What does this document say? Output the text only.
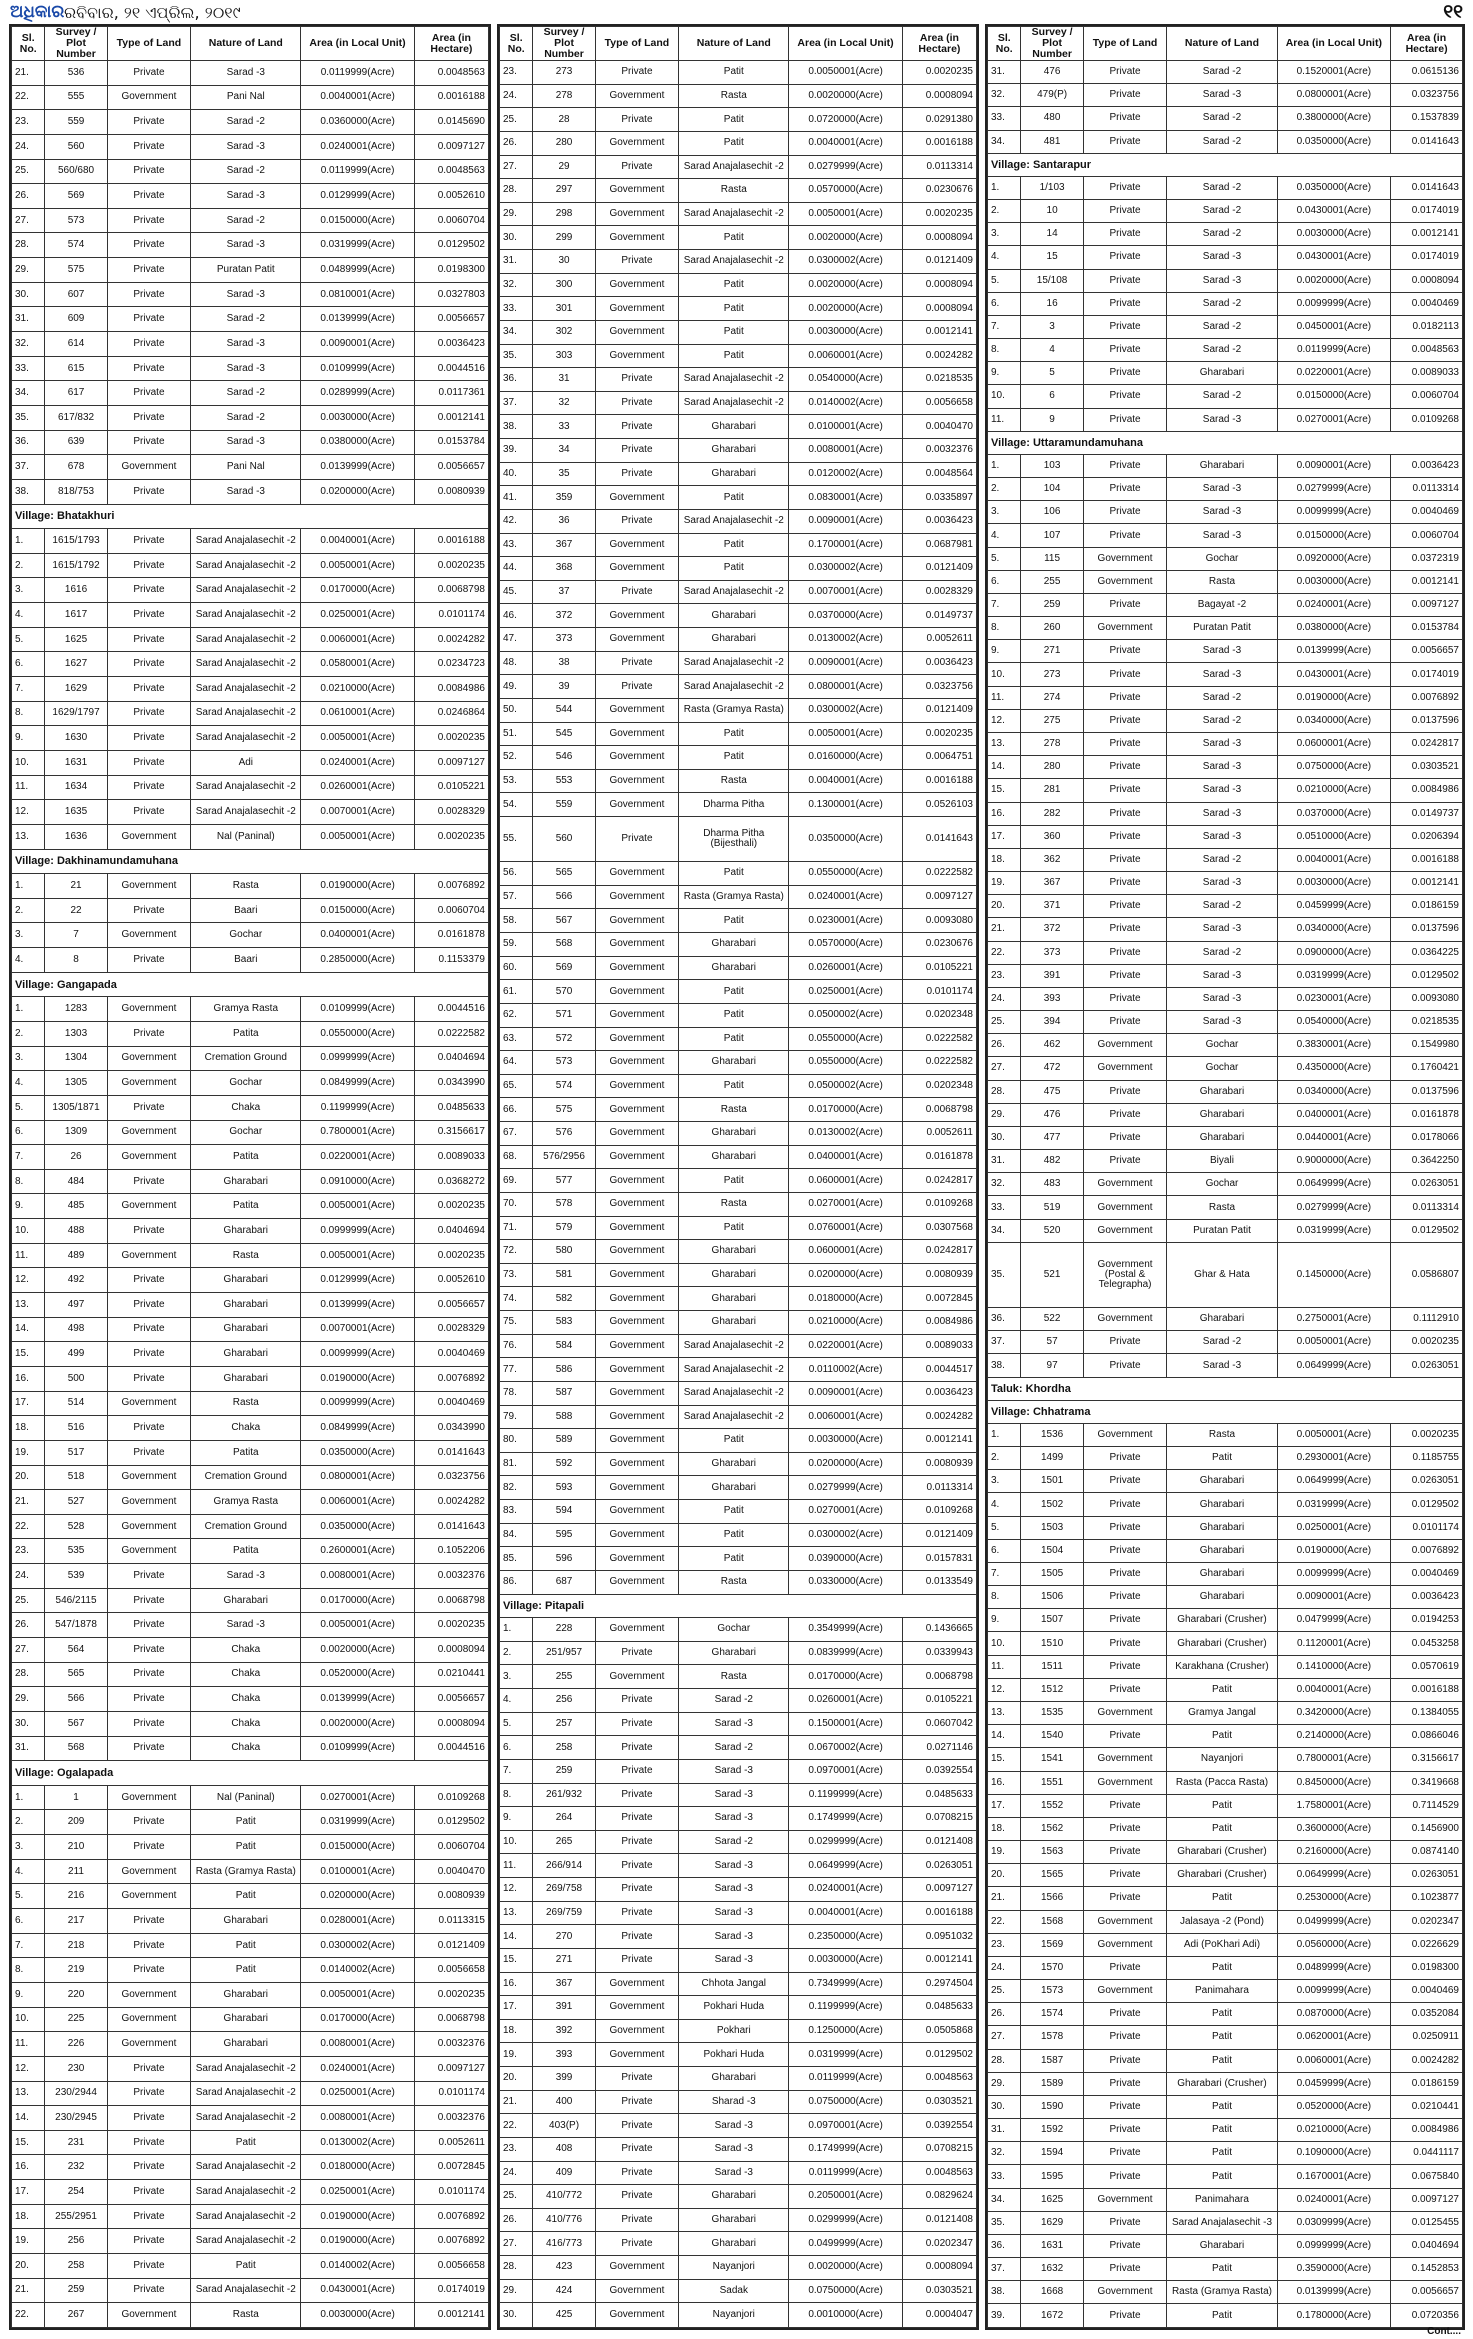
ଅଧିକାର ରବିବାର, ୨୧ ଏପ୍ରିଲ, ୨୦୧୯	୧୧
Sl. No.	Survey / Plot Number	Type of Land	Nature of Land	Area (in Local Unit)	Area (in Hectare)
21.	536	Private	Sarad -3	0.0119999(Acre)	0.0048563
22.	555	Government	Pani Nal	0.0040001(Acre)	0.0016188
23.	559	Private	Sarad -2	0.0360000(Acre)	0.0145690
24.	560	Private	Sarad -3	0.0240001(Acre)	0.0097127
25.	560/680	Private	Sarad -2	0.0119999(Acre)	0.0048563
26.	569	Private	Sarad -3	0.0129999(Acre)	0.0052610
27.	573	Private	Sarad -2	0.0150000(Acre)	0.0060704
28.	574	Private	Sarad -3	0.0319999(Acre)	0.0129502
29.	575	Private	Puratan Patit	0.0489999(Acre)	0.0198300
30.	607	Private	Sarad -3	0.0810001(Acre)	0.0327803
31.	609	Private	Sarad -2	0.0139999(Acre)	0.0056657
32.	614	Private	Sarad -3	0.0090001(Acre)	0.0036423
33.	615	Private	Sarad -3	0.0109999(Acre)	0.0044516
34.	617	Private	Sarad -2	0.0289999(Acre)	0.0117361
35.	617/832	Private	Sarad -2	0.0030000(Acre)	0.0012141
36.	639	Private	Sarad -3	0.0380000(Acre)	0.0153784
37.	678	Government	Pani Nal	0.0139999(Acre)	0.0056657
38.	818/753	Private	Sarad -3	0.0200000(Acre)	0.0080939
Village: Bhatakhuri					
1.	1615/1793	Private	Sarad Anajalasechit -2	0.0040001(Acre)	0.0016188
2.	1615/1792	Private	Sarad Anajalasechit -2	0.0050001(Acre)	0.0020235
3.	1616	Private	Sarad Anajalasechit -2	0.0170000(Acre)	0.0068798
4.	1617	Private	Sarad Anajalasechit -2	0.0250001(Acre)	0.0101174
5.	1625	Private	Sarad Anajalasechit -2	0.0060001(Acre)	0.0024282
6.	1627	Private	Sarad Anajalasechit -2	0.0580001(Acre)	0.0234723
7.	1629	Private	Sarad Anajalasechit -2	0.0210000(Acre)	0.0084986
8.	1629/1797	Private	Sarad Anajalasechit -2	0.0610001(Acre)	0.0246864
9.	1630	Private	Sarad Anajalasechit -2	0.0050001(Acre)	0.0020235
10.	1631	Private	Adi	0.0240001(Acre)	0.0097127
11.	1634	Private	Sarad Anajalasechit -2	0.0260001(Acre)	0.0105221
12.	1635	Private	Sarad Anajalasechit -2	0.0070001(Acre)	0.0028329
13.	1636	Government	Nal (Paninal)	0.0050001(Acre)	0.0020235
Village: Dakhinamundamuhana					
1.	21	Government	Rasta	0.0190000(Acre)	0.0076892
2.	22	Private	Baari	0.0150000(Acre)	0.0060704
3.	7	Government	Gochar	0.0400001(Acre)	0.0161878
4.	8	Private	Baari	0.2850000(Acre)	0.1153379
Village: Gangapada					
1.	1283	Government	Gramya Rasta	0.0109999(Acre)	0.0044516
2.	1303	Private	Patita	0.0550000(Acre)	0.0222582
3.	1304	Government	Cremation Ground	0.0999999(Acre)	0.0404694
4.	1305	Government	Gochar	0.0849999(Acre)	0.0343990
5.	1305/1871	Private	Chaka	0.1199999(Acre)	0.0485633
6.	1309	Government	Gochar	0.7800001(Acre)	0.3156617
7.	26	Government	Patita	0.0220001(Acre)	0.0089033
8.	484	Private	Gharabari	0.0910000(Acre)	0.0368272
9.	485	Government	Patita	0.0050001(Acre)	0.0020235
10.	488	Private	Gharabari	0.0999999(Acre)	0.0404694
11.	489	Government	Rasta	0.0050001(Acre)	0.0020235
12.	492	Private	Gharabari	0.0129999(Acre)	0.0052610
13.	497	Private	Gharabari	0.0139999(Acre)	0.0056657
14.	498	Private	Gharabari	0.0070001(Acre)	0.0028329
15.	499	Private	Gharabari	0.0099999(Acre)	0.0040469
16.	500	Private	Gharabari	0.0190000(Acre)	0.0076892
17.	514	Government	Rasta	0.0099999(Acre)	0.0040469
18.	516	Private	Chaka	0.0849999(Acre)	0.0343990
19.	517	Private	Patita	0.0350000(Acre)	0.0141643
20.	518	Government	Cremation Ground	0.0800001(Acre)	0.0323756
21.	527	Government	Gramya Rasta	0.0060001(Acre)	0.0024282
22.	528	Government	Cremation Ground	0.0350000(Acre)	0.0141643
23.	535	Government	Patita	0.2600001(Acre)	0.1052206
24.	539	Private	Sarad -3	0.0080001(Acre)	0.0032376
25.	546/2115	Private	Gharabari	0.0170000(Acre)	0.0068798
26.	547/1878	Private	Sarad -3	0.0050001(Acre)	0.0020235
27.	564	Private	Chaka	0.0020000(Acre)	0.0008094
28.	565	Private	Chaka	0.0520000(Acre)	0.0210441
29.	566	Private	Chaka	0.0139999(Acre)	0.0056657
30.	567	Private	Chaka	0.0020000(Acre)	0.0008094
31.	568	Private	Chaka	0.0109999(Acre)	0.0044516
Village: Ogalapada					
1.	1	Government	Nal (Paninal)	0.0270001(Acre)	0.0109268
2.	209	Private	Patit	0.0319999(Acre)	0.0129502
3.	210	Private	Patit	0.0150000(Acre)	0.0060704
4.	211	Government	Rasta (Gramya Rasta)	0.0100001(Acre)	0.0040470
5.	216	Government	Patit	0.0200000(Acre)	0.0080939
6.	217	Private	Gharabari	0.0280001(Acre)	0.0113315
7.	218	Private	Patit	0.0300002(Acre)	0.0121409
8.	219	Private	Patit	0.0140002(Acre)	0.0056658
9.	220	Government	Gharabari	0.0050001(Acre)	0.0020235
10.	225	Government	Gharabari	0.0170000(Acre)	0.0068798
11.	226	Government	Gharabari	0.0080001(Acre)	0.0032376
12.	230	Private	Sarad Anajalasechit -2	0.0240001(Acre)	0.0097127
13.	230/2944	Private	Sarad Anajalasechit -2	0.0250001(Acre)	0.0101174
14.	230/2945	Private	Sarad Anajalasechit -2	0.0080001(Acre)	0.0032376
15.	231	Private	Patit	0.0130002(Acre)	0.0052611
16.	232	Private	Sarad Anajalasechit -2	0.0180000(Acre)	0.0072845
17.	254	Private	Sarad Anajalasechit -2	0.0250001(Acre)	0.0101174
18.	255/2951	Private	Sarad Anajalasechit -2	0.0190000(Acre)	0.0076892
19.	256	Private	Sarad Anajalasechit -2	0.0190000(Acre)	0.0076892
20.	258	Private	Patit	0.0140002(Acre)	0.0056658
21.	259	Private	Sarad Anajalasechit -2	0.0430001(Acre)	0.0174019
22.	267	Government	Rasta	0.0030000(Acre)	0.0012141
Sl. No.	Survey / Plot Number	Type of Land	Nature of Land	Area (in Local Unit)	Area (in Hectare)
23.	273	Private	Patit	0.0050001(Acre)	0.0020235
24.	278	Government	Rasta	0.0020000(Acre)	0.0008094
25.	28	Private	Patit	0.0720000(Acre)	0.0291380
26.	280	Government	Patit	0.0040001(Acre)	0.0016188
27.	29	Private	Sarad Anajalasechit -2	0.0279999(Acre)	0.0113314
28.	297	Government	Rasta	0.0570000(Acre)	0.0230676
29.	298	Government	Sarad Anajalasechit -2	0.0050001(Acre)	0.0020235
30.	299	Government	Patit	0.0020000(Acre)	0.0008094
31.	30	Private	Sarad Anajalasechit -2	0.0300002(Acre)	0.0121409
32.	300	Government	Patit	0.0020000(Acre)	0.0008094
33.	301	Government	Patit	0.0020000(Acre)	0.0008094
34.	302	Government	Patit	0.0030000(Acre)	0.0012141
35.	303	Government	Patit	0.0060001(Acre)	0.0024282
36.	31	Private	Sarad Anajalasechit -2	0.0540000(Acre)	0.0218535
37.	32	Private	Sarad Anajalasechit -2	0.0140002(Acre)	0.0056658
38.	33	Private	Gharabari	0.0100001(Acre)	0.0040470
39.	34	Private	Gharabari	0.0080001(Acre)	0.0032376
40.	35	Private	Gharabari	0.0120002(Acre)	0.0048564
41.	359	Government	Patit	0.0830001(Acre)	0.0335897
42.	36	Private	Sarad Anajalasechit -2	0.0090001(Acre)	0.0036423
43.	367	Government	Patit	0.1700001(Acre)	0.0687981
44.	368	Government	Patit	0.0300002(Acre)	0.0121409
45.	37	Private	Sarad Anajalasechit -2	0.0070001(Acre)	0.0028329
46.	372	Government	Gharabari	0.0370000(Acre)	0.0149737
47.	373	Government	Gharabari	0.0130002(Acre)	0.0052611
48.	38	Private	Sarad Anajalasechit -2	0.0090001(Acre)	0.0036423
49.	39	Private	Sarad Anajalasechit -2	0.0800001(Acre)	0.0323756
50.	544	Government	Rasta (Gramya Rasta)	0.0300002(Acre)	0.0121409
51.	545	Government	Patit	0.0050001(Acre)	0.0020235
52.	546	Government	Patit	0.0160000(Acre)	0.0064751
53.	553	Government	Rasta	0.0040001(Acre)	0.0016188
54.	559	Government	Dharma Pitha	0.1300001(Acre)	0.0526103
55.	560	Private	Dharma Pitha (Bijesthali)	0.0350000(Acre)	0.0141643
56.	565	Government	Patit	0.0550000(Acre)	0.0222582
57.	566	Government	Rasta (Gramya Rasta)	0.0240001(Acre)	0.0097127
58.	567	Government	Patit	0.0230001(Acre)	0.0093080
59.	568	Government	Gharabari	0.0570000(Acre)	0.0230676
60.	569	Government	Gharabari	0.0260001(Acre)	0.0105221
61.	570	Government	Patit	0.0250001(Acre)	0.0101174
62.	571	Government	Patit	0.0500002(Acre)	0.0202348
63.	572	Government	Patit	0.0550000(Acre)	0.0222582
64.	573	Government	Gharabari	0.0550000(Acre)	0.0222582
65.	574	Government	Patit	0.0500002(Acre)	0.0202348
66.	575	Government	Rasta	0.0170000(Acre)	0.0068798
67.	576	Government	Gharabari	0.0130002(Acre)	0.0052611
68.	576/2956	Government	Gharabari	0.0400001(Acre)	0.0161878
69.	577	Government	Patit	0.0600001(Acre)	0.0242817
70.	578	Government	Rasta	0.0270001(Acre)	0.0109268
71.	579	Government	Patit	0.0760001(Acre)	0.0307568
72.	580	Government	Gharabari	0.0600001(Acre)	0.0242817
73.	581	Government	Gharabari	0.0200000(Acre)	0.0080939
74.	582	Government	Gharabari	0.0180000(Acre)	0.0072845
75.	583	Government	Gharabari	0.0210000(Acre)	0.0084986
76.	584	Government	Sarad Anajalasechit -2	0.0220001(Acre)	0.0089033
77.	586	Government	Sarad Anajalasechit -2	0.0110002(Acre)	0.0044517
78.	587	Government	Sarad Anajalasechit -2	0.0090001(Acre)	0.0036423
79.	588	Government	Sarad Anajalasechit -2	0.0060001(Acre)	0.0024282
80.	589	Government	Patit	0.0030000(Acre)	0.0012141
81.	592	Government	Gharabari	0.0200000(Acre)	0.0080939
82.	593	Government	Gharabari	0.0279999(Acre)	0.0113314
83.	594	Government	Patit	0.0270001(Acre)	0.0109268
84.	595	Government	Patit	0.0300002(Acre)	0.0121409
85.	596	Government	Patit	0.0390000(Acre)	0.0157831
86.	687	Government	Rasta	0.0330000(Acre)	0.0133549
Village: Pitapali					
1.	228	Government	Gochar	0.3549999(Acre)	0.1436665
2.	251/957	Private	Gharabari	0.0839999(Acre)	0.0339943
3.	255	Government	Rasta	0.0170000(Acre)	0.0068798
4.	256	Private	Sarad -2	0.0260001(Acre)	0.0105221
5.	257	Private	Sarad -3	0.1500001(Acre)	0.0607042
6.	258	Private	Sarad -2	0.0670002(Acre)	0.0271146
7.	259	Private	Sarad -3	0.0970001(Acre)	0.0392554
8.	261/932	Private	Sarad -3	0.1199999(Acre)	0.0485633
9.	264	Private	Sarad -3	0.1749999(Acre)	0.0708215
10.	265	Private	Sarad -2	0.0299999(Acre)	0.0121408
11.	266/914	Private	Sarad -3	0.0649999(Acre)	0.0263051
12.	269/758	Private	Sarad -3	0.0240001(Acre)	0.0097127
13.	269/759	Private	Sarad -3	0.0040001(Acre)	0.0016188
14.	270	Private	Sarad -3	0.2350000(Acre)	0.0951032
15.	271	Private	Sarad -3	0.0030000(Acre)	0.0012141
16.	367	Government	Chhota Jangal	0.7349999(Acre)	0.2974504
17.	391	Government	Pokhari Huda	0.1199999(Acre)	0.0485633
18.	392	Government	Pokhari	0.1250000(Acre)	0.0505868
19.	393	Government	Pokhari Huda	0.0319999(Acre)	0.0129502
20.	399	Private	Gharabari	0.0119999(Acre)	0.0048563
21.	400	Private	Sharad -3	0.0750000(Acre)	0.0303521
22.	403(P)	Private	Sarad -3	0.0970001(Acre)	0.0392554
23.	408	Private	Sarad -3	0.1749999(Acre)	0.0708215
24.	409	Private	Sarad -3	0.0119999(Acre)	0.0048563
25.	410/772	Private	Gharabari	0.2050001(Acre)	0.0829624
26.	410/776	Private	Gharabari	0.0299999(Acre)	0.0121408
27.	416/773	Private	Gharabari	0.0499999(Acre)	0.0202347
28.	423	Government	Nayanjori	0.0020000(Acre)	0.0008094
29.	424	Government	Sadak	0.0750000(Acre)	0.0303521
30.	425	Government	Nayanjori	0.0010000(Acre)	0.0004047
Sl. No.	Survey / Plot Number	Type of Land	Nature of Land	Area (in Local Unit)	Area (in Hectare)
31.	476	Private	Sarad -2	0.1520001(Acre)	0.0615136
32.	479(P)	Private	Sarad -3	0.0800001(Acre)	0.0323756
33.	480	Private	Sarad -2	0.3800000(Acre)	0.1537839
34.	481	Private	Sarad -2	0.0350000(Acre)	0.0141643
Village: Santarapur					
1.	1/103	Private	Sarad -2	0.0350000(Acre)	0.0141643
2.	10	Private	Sarad -2	0.0430001(Acre)	0.0174019
3.	14	Private	Sarad -2	0.0030000(Acre)	0.0012141
4.	15	Private	Sarad -3	0.0430001(Acre)	0.0174019
5.	15/108	Private	Sarad -3	0.0020000(Acre)	0.0008094
6.	16	Private	Sarad -2	0.0099999(Acre)	0.0040469
7.	3	Private	Sarad -2	0.0450001(Acre)	0.0182113
8.	4	Private	Sarad -2	0.0119999(Acre)	0.0048563
9.	5	Private	Gharabari	0.0220001(Acre)	0.0089033
10.	6	Private	Sarad -2	0.0150000(Acre)	0.0060704
11.	9	Private	Sarad -3	0.0270001(Acre)	0.0109268
Village: Uttaramundamuhana					
1.	103	Private	Gharabari	0.0090001(Acre)	0.0036423
2.	104	Private	Sarad -3	0.0279999(Acre)	0.0113314
3.	106	Private	Sarad -3	0.0099999(Acre)	0.0040469
4.	107	Private	Sarad -3	0.0150000(Acre)	0.0060704
5.	115	Government	Gochar	0.0920000(Acre)	0.0372319
6.	255	Government	Rasta	0.0030000(Acre)	0.0012141
7.	259	Private	Bagayat -2	0.0240001(Acre)	0.0097127
8.	260	Government	Puratan Patit	0.0380000(Acre)	0.0153784
9.	271	Private	Sarad -3	0.0139999(Acre)	0.0056657
10.	273	Private	Sarad -3	0.0430001(Acre)	0.0174019
11.	274	Private	Sarad -2	0.0190000(Acre)	0.0076892
12.	275	Private	Sarad -2	0.0340000(Acre)	0.0137596
13.	278	Private	Sarad -3	0.0600001(Acre)	0.0242817
14.	280	Private	Sarad -3	0.0750000(Acre)	0.0303521
15.	281	Private	Sarad -3	0.0210000(Acre)	0.0084986
16.	282	Private	Sarad -3	0.0370000(Acre)	0.0149737
17.	360	Private	Sarad -3	0.0510000(Acre)	0.0206394
18.	362	Private	Sarad -2	0.0040001(Acre)	0.0016188
19.	367	Private	Sarad -3	0.0030000(Acre)	0.0012141
20.	371	Private	Sarad -2	0.0459999(Acre)	0.0186159
21.	372	Private	Sarad -3	0.0340000(Acre)	0.0137596
22.	373	Private	Sarad -2	0.0900000(Acre)	0.0364225
23.	391	Private	Sarad -3	0.0319999(Acre)	0.0129502
24.	393	Private	Sarad -3	0.0230001(Acre)	0.0093080
25.	394	Private	Sarad -3	0.0540000(Acre)	0.0218535
26.	462	Government	Gochar	0.3830001(Acre)	0.1549980
27.	472	Government	Gochar	0.4350000(Acre)	0.1760421
28.	475	Private	Gharabari	0.0340000(Acre)	0.0137596
29.	476	Private	Gharabari	0.0400001(Acre)	0.0161878
30.	477	Private	Gharabari	0.0440001(Acre)	0.0178066
31.	482	Private	Biyali	0.9000000(Acre)	0.3642250
32.	483	Government	Gochar	0.0649999(Acre)	0.0263051
33.	519	Government	Rasta	0.0279999(Acre)	0.0113314
34.	520	Government	Puratan Patit	0.0319999(Acre)	0.0129502
35.	521	Government (Postal & Telegrapha)	Ghar & Hata	0.1450000(Acre)	0.0586807
36.	522	Government	Gharabari	0.2750001(Acre)	0.1112910
37.	57	Private	Sarad -2	0.0050001(Acre)	0.0020235
38.	97	Private	Sarad -3	0.0649999(Acre)	0.0263051
Taluk: Khordha					
Village: Chhatrama					
1.	1536	Government	Rasta	0.0050001(Acre)	0.0020235
2.	1499	Private	Patit	0.2930001(Acre)	0.1185755
3.	1501	Private	Gharabari	0.0649999(Acre)	0.0263051
4.	1502	Private	Gharabari	0.0319999(Acre)	0.0129502
5.	1503	Private	Gharabari	0.0250001(Acre)	0.0101174
6.	1504	Private	Gharabari	0.0190000(Acre)	0.0076892
7.	1505	Private	Gharabari	0.0099999(Acre)	0.0040469
8.	1506	Private	Gharabari	0.0090001(Acre)	0.0036423
9.	1507	Private	Gharabari (Crusher)	0.0479999(Acre)	0.0194253
10.	1510	Private	Gharabari (Crusher)	0.1120001(Acre)	0.0453258
11.	1511	Private	Karakhana (Crusher)	0.1410000(Acre)	0.0570619
12.	1512	Private	Patit	0.0040001(Acre)	0.0016188
13.	1535	Government	Gramya Jangal	0.3420000(Acre)	0.1384055
14.	1540	Private	Patit	0.2140000(Acre)	0.0866046
15.	1541	Government	Nayanjori	0.7800001(Acre)	0.3156617
16.	1551	Government	Rasta (Pacca Rasta)	0.8450000(Acre)	0.3419668
17.	1552	Private	Patit	1.7580001(Acre)	0.7114529
18.	1562	Private	Patit	0.3600000(Acre)	0.1456900
19.	1563	Private	Gharabari (Crusher)	0.2160000(Acre)	0.0874140
20.	1565	Private	Gharabari (Crusher)	0.0649999(Acre)	0.0263051
21.	1566	Private	Patit	0.2530000(Acre)	0.1023877
22.	1568	Government	Jalasaya -2 (Pond)	0.0499999(Acre)	0.0202347
23.	1569	Government	Adi (PoKhari Adi)	0.0560000(Acre)	0.0226629
24.	1570	Private	Patit	0.0489999(Acre)	0.0198300
25.	1573	Government	Panimahara	0.0099999(Acre)	0.0040469
26.	1574	Private	Patit	0.0870000(Acre)	0.0352084
27.	1578	Private	Patit	0.0620001(Acre)	0.0250911
28.	1587	Private	Patit	0.0060001(Acre)	0.0024282
29.	1589	Private	Gharabari (Crusher)	0.0459999(Acre)	0.0186159
30.	1590	Private	Patit	0.0520000(Acre)	0.0210441
31.	1592	Private	Patit	0.0210000(Acre)	0.0084986
32.	1594	Private	Patit	0.1090000(Acre)	0.0441117
33.	1595	Private	Patit	0.1670001(Acre)	0.0675840
34.	1625	Government	Panimahara	0.0240001(Acre)	0.0097127
35.	1629	Private	Sarad Anajalasechit -3	0.0309999(Acre)	0.0125455
36.	1631	Private	Gharabari	0.0999999(Acre)	0.0404694
37.	1632	Private	Patit	0.3590000(Acre)	0.1452853
38.	1668	Government	Rasta (Gramya Rasta)	0.0139999(Acre)	0.0056657
39.	1672	Private	Patit	0.1780000(Acre)	0.0720356
Cont....
